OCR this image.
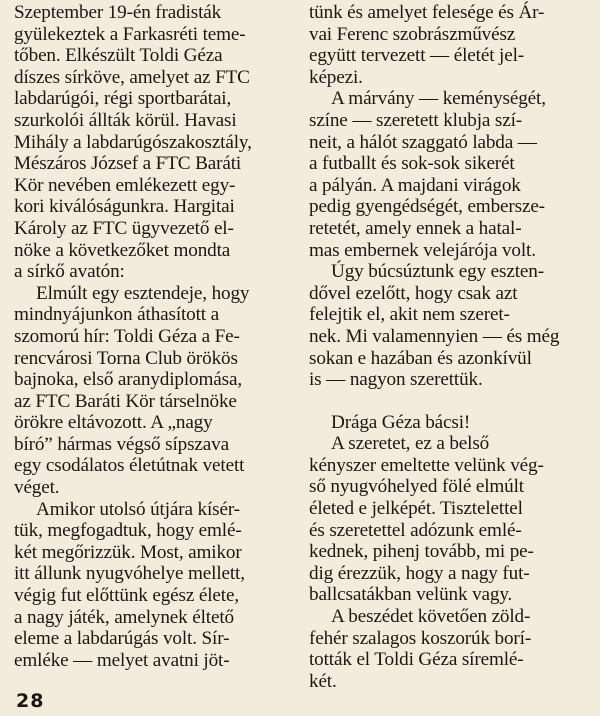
Szeptember 19-én fradisták
gyülekeztek a Farkasréti teme-
tőben. Elkészült Toldi Géza
díszes sírköve, amelyet az FTC
labdarúgói, régi sportbarátai,
szurkolói állták körül. Havasi
Mihály a labdarúgószakosztály,
Mészáros József a FTC Baráti
Kör nevében emlékezett egy-
kori kiválóságunkra. Hargitai
Károly az FTC ügyvezető el-
nöke a következőket mondta
a sírkő avatón:

Elmúlt egy esztendeje, hogy
mindnyájunkon áthasított a
szomorú hír: Toldi Géza a Fe-
rencvárosi Torna Club örökös
bajnoka, első aranydiplomása,
az FTC Baráti Kör társelnöke
örökre eltávozott. A „nagy
bíró” hármas végső sípszava
egy csodálatos életútnak vetett
véget.

Amikor utolsó útjára kísér-
tük, megfogadtuk, hogy emlé-
két megőrizzük. Most, amikor
itt állunk nyugvóhelye mellett,
végig fut előttünk egész élete,
a nagy játék, amelynek éltető
eleme a labdarúgás volt. Sír-
emléke — melyet avatni jöt-

tünk és amelyet felesége és Ár-
vai Ferenc szobrászművész
együtt tervezett — életét jel-
képezi.

A márvány — keménységét,
színe — szeretett klubja szí-
neit, a hálót szaggató labda —
a futballt és sok-sok sikerét
a pályán. A majdani virágok
pedig gyengédségét, embersze-
retetét, amely ennek a hatal-
mas embernek velejárója volt.

Úgy búcsúztunk egy eszten-
dővel ezelőtt, hogy csak azt
felejtik el, akit nem szeret-
nek. Mi valamennyien — és még
sokan e hazában és azonkívül
is — nagyon szerettük.

Drága Géza bácsi!

A szeretet, ez a belső
kényszer emeltette velünk vég-
ső nyugvóhelyed fölé elmúlt
életed e jelképét. Tisztelettel
és szeretettel adózunk emlé-
kednek, pihenj tovább, mi pe-
dig érezzük, hogy a nagy fut-
ballcsatákban velünk vagy.

A beszédet követően zöld-
fehér szalagos koszorúk borí-
tották el Toldi Géza síremlé-
két.

28
